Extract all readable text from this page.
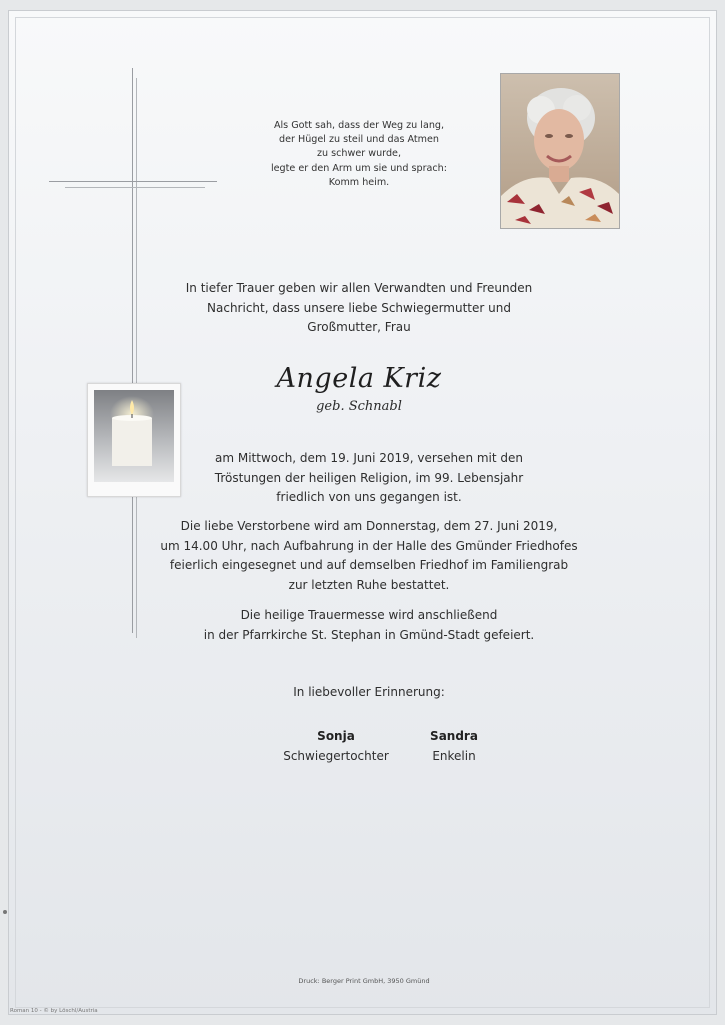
Als Gott sah, dass der Weg zu lang,
der Hügel zu steil und das Atmen
zu schwer wurde,
legte er den Arm um sie und sprach:
Komm heim.
In tiefer Trauer geben wir allen Verwandten und Freunden
Nachricht, dass unsere liebe Schwiegermutter und
Großmutter, Frau
Angela Kriz
geb. Schnabl
am Mittwoch, dem 19. Juni 2019, versehen mit den
Tröstungen der heiligen Religion, im 99. Lebensjahr
friedlich von uns gegangen ist.
Die liebe Verstorbene wird am Donnerstag, dem 27. Juni 2019,
um 14.00 Uhr, nach Aufbahrung in der Halle des Gmünder Friedhofes
feierlich eingesegnet und auf demselben Friedhof im Familiengrab
zur letzten Ruhe bestattet.
Die heilige Trauermesse wird anschließend
in der Pfarrkirche St. Stephan in Gmünd-Stadt gefeiert.
In liebevoller Erinnerung:
Sonja
Schwiegertochter
Sandra
Enkelin
Druck: Berger Print GmbH, 3950 Gmünd
Roman 10 - © by Löschl/Austria
